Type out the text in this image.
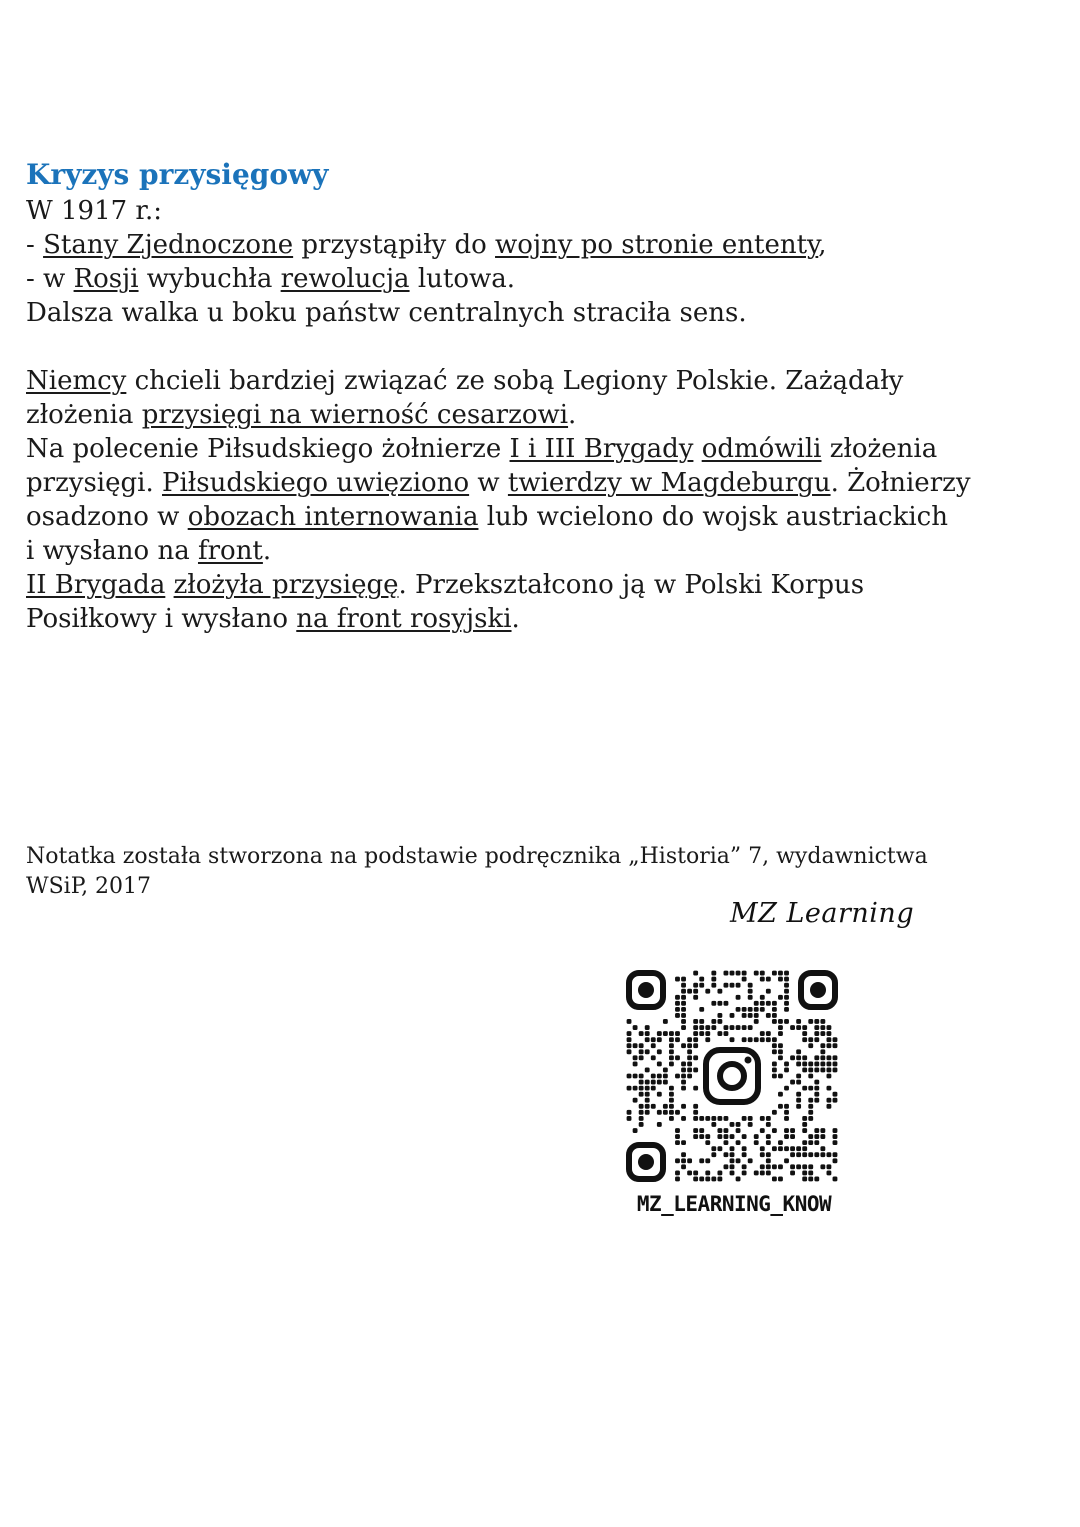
Kryzys przysięgowy
W 1917 r.:
- Stany Zjednoczone przystąpiły do wojny po stronie ententy,
- w Rosji wybuchła rewolucja lutowa.
Dalsza walka u boku państw centralnych straciła sens.
Niemcy chcieli bardziej związać ze sobą Legiony Polskie. Zażądały
złożenia przysięgi na wierność cesarzowi.
Na polecenie Piłsudskiego żołnierze I i III Brygady odmówili złożenia
przysięgi. Piłsudskiego uwięziono w twierdzy w Magdeburgu. Żołnierzy
osadzono w obozach internowania lub wcielono do wojsk austriackich
i wysłano na front.
II Brygada złożyła przysięgę. Przekształcono ją w Polski Korpus
Posiłkowy i wysłano na front rosyjski.
Notatka została stworzona na podstawie podręcznika „Historia” 7, wydawnictwa
WSiP, 2017
MZ Learning
MZ_LEARNING_KNOW
